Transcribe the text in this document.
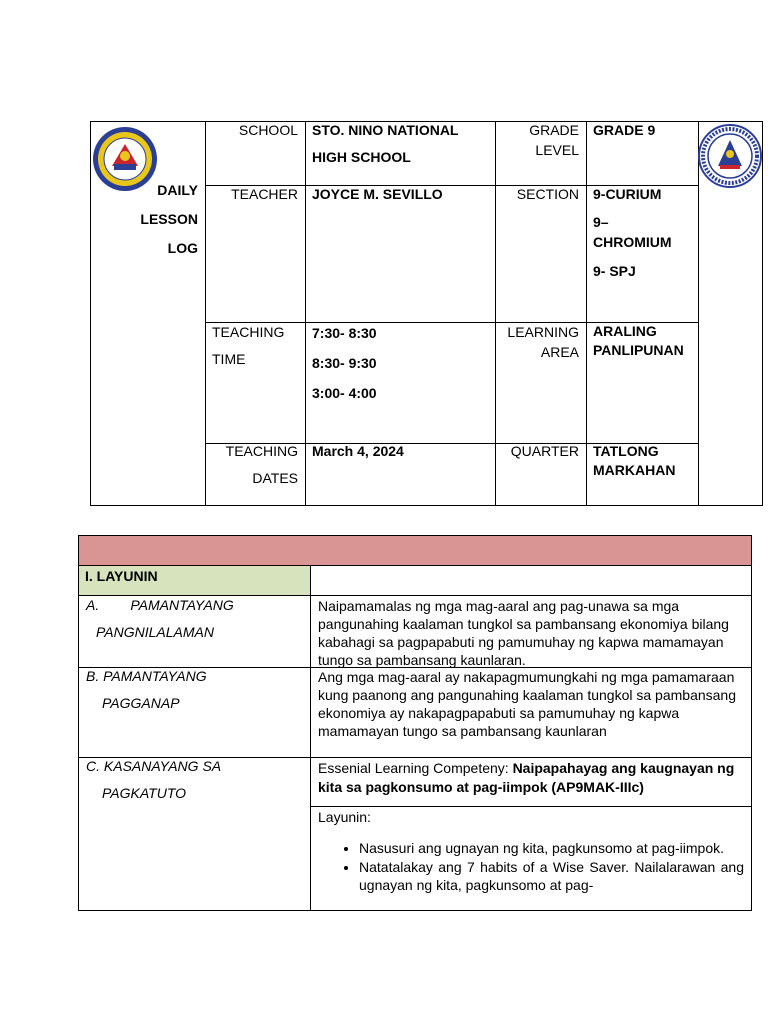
DAILY
LESSON
LOG
SCHOOL STO. NINO NATIONAL
HIGH SCHOOL
GRADE
LEVEL
GRADE 9
TEACHER JOYCE M. SEVILLO	SECTION 9-CURIUM
9–
CHROMIUM
9- SPJ
TEACHING
TIME
7:30- 8:30
8:30- 9:30
3:00- 4:00
LEARNING
AREA
ARALING
PANLIPUNAN
TEACHING
DATES
March 4, 2024	QUARTER TATLONG
MARKAHAN
I. LAYUNIN
A.        PAMANTAYANG
PANGNILALAMAN
Naipamamalas ng mga mag-aaral ang pag-unawa sa mga pangunahing kaalaman tungkol sa pambansang ekonomiya bilang kabahagi sa pagpapabuti ng pamumuhay ng kapwa mamamayan tungo sa pambansang kaunlaran.
B. PAMANTAYANG
PAGGANAP
Ang mga mag-aaral ay nakapagmumungkahi ng mga pamamaraan kung paanong ang pangunahing kaalaman tungkol sa pambansang ekonomiya ay nakapagpapabuti sa pamumuhay ng kapwa mamamayan tungo sa pambansang kaunlaran
C. KASANAYANG SA
PAGKATUTO
Essenial Learning Competeny: Naipapahayag ang kaugnayan ng kita sa pagkonsumo at pag-iimpok (AP9MAK-IIIc)
Layunin:
• Nasusuri ang ugnayan ng kita, pagkunsomo at pag-iimpok.
• Natatalakay ang 7 habits of a Wise Saver. Nailalarawan ang ugnayan ng kita, pagkunsomo at pag-
